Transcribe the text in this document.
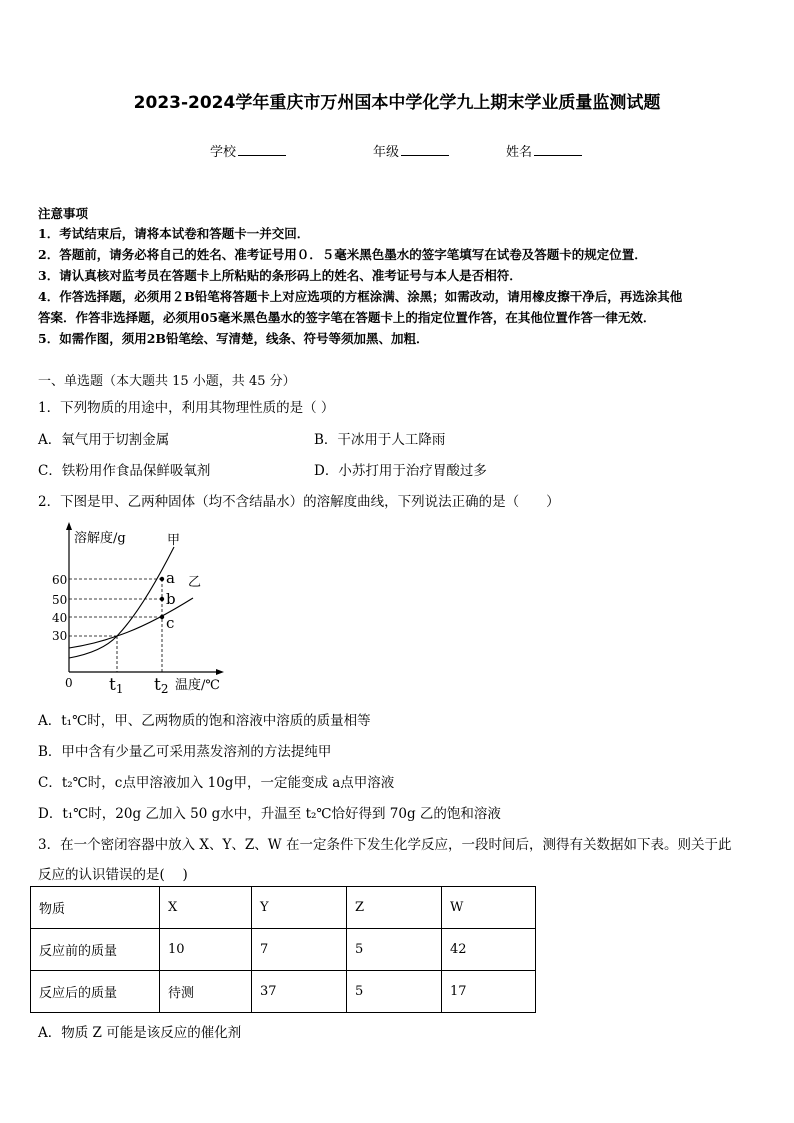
2023-2024学年重庆市万州国本中学化学九上期末学业质量监测试题
学校	年级	姓名
注意事项
1．考试结束后，请将本试卷和答题卡一并交回．
2．答题前，请务必将自己的姓名、准考证号用０．５毫米黑色墨水的签字笔填写在试卷及答题卡的规定位置．
3．请认真核对监考员在答题卡上所粘贴的条形码上的姓名、准考证号与本人是否相符．
4．作答选择题，必须用２B铅笔将答题卡上对应选项的方框涂满、涂黑；如需改动，请用橡皮擦干净后，再选涂其他
答案．作答非选择题，必须用05毫米黑色墨水的签字笔在答题卡上的指定位置作答，在其他位置作答一律无效．
5．如需作图，须用2B铅笔绘、写清楚，线条、符号等须加黑、加粗．
一、单选题（本大题共 15 小题，共 45 分）
1．下列物质的用途中，利用其物理性质的是（ ）
A．氧气用于切割金属	B．干冰用于人工降雨
C．铁粉用作食品保鲜吸氧剂	D．小苏打用于治疗胃酸过多
2．下图是甲、乙两种固体（均不含结晶水）的溶解度曲线，下列说法正确的是（　　）
溶解度/g	甲
乙
a
b
c
60
50
40
30
0 t1 t2 温度/℃
A．t₁℃时，甲、乙两物质的饱和溶液中溶质的质量相等
B．甲中含有少量乙可采用蒸发溶剂的方法提纯甲
C．t₂℃时，c点甲溶液加入 10g甲，一定能变成 a点甲溶液
D．t₁℃时，20g 乙加入 50 g水中，升温至 t₂℃恰好得到 70g 乙的饱和溶液
3．在一个密闭容器中放入 X、Y、Z、W 在一定条件下发生化学反应，一段时间后，测得有关数据如下表。则关于此
反应的认识错误的是(　 )
物质	X	Y	Z	W
反应前的质量	10	7	5	42
反应后的质量	待测	37	5	17
A．物质 Z 可能是该反应的催化剂
